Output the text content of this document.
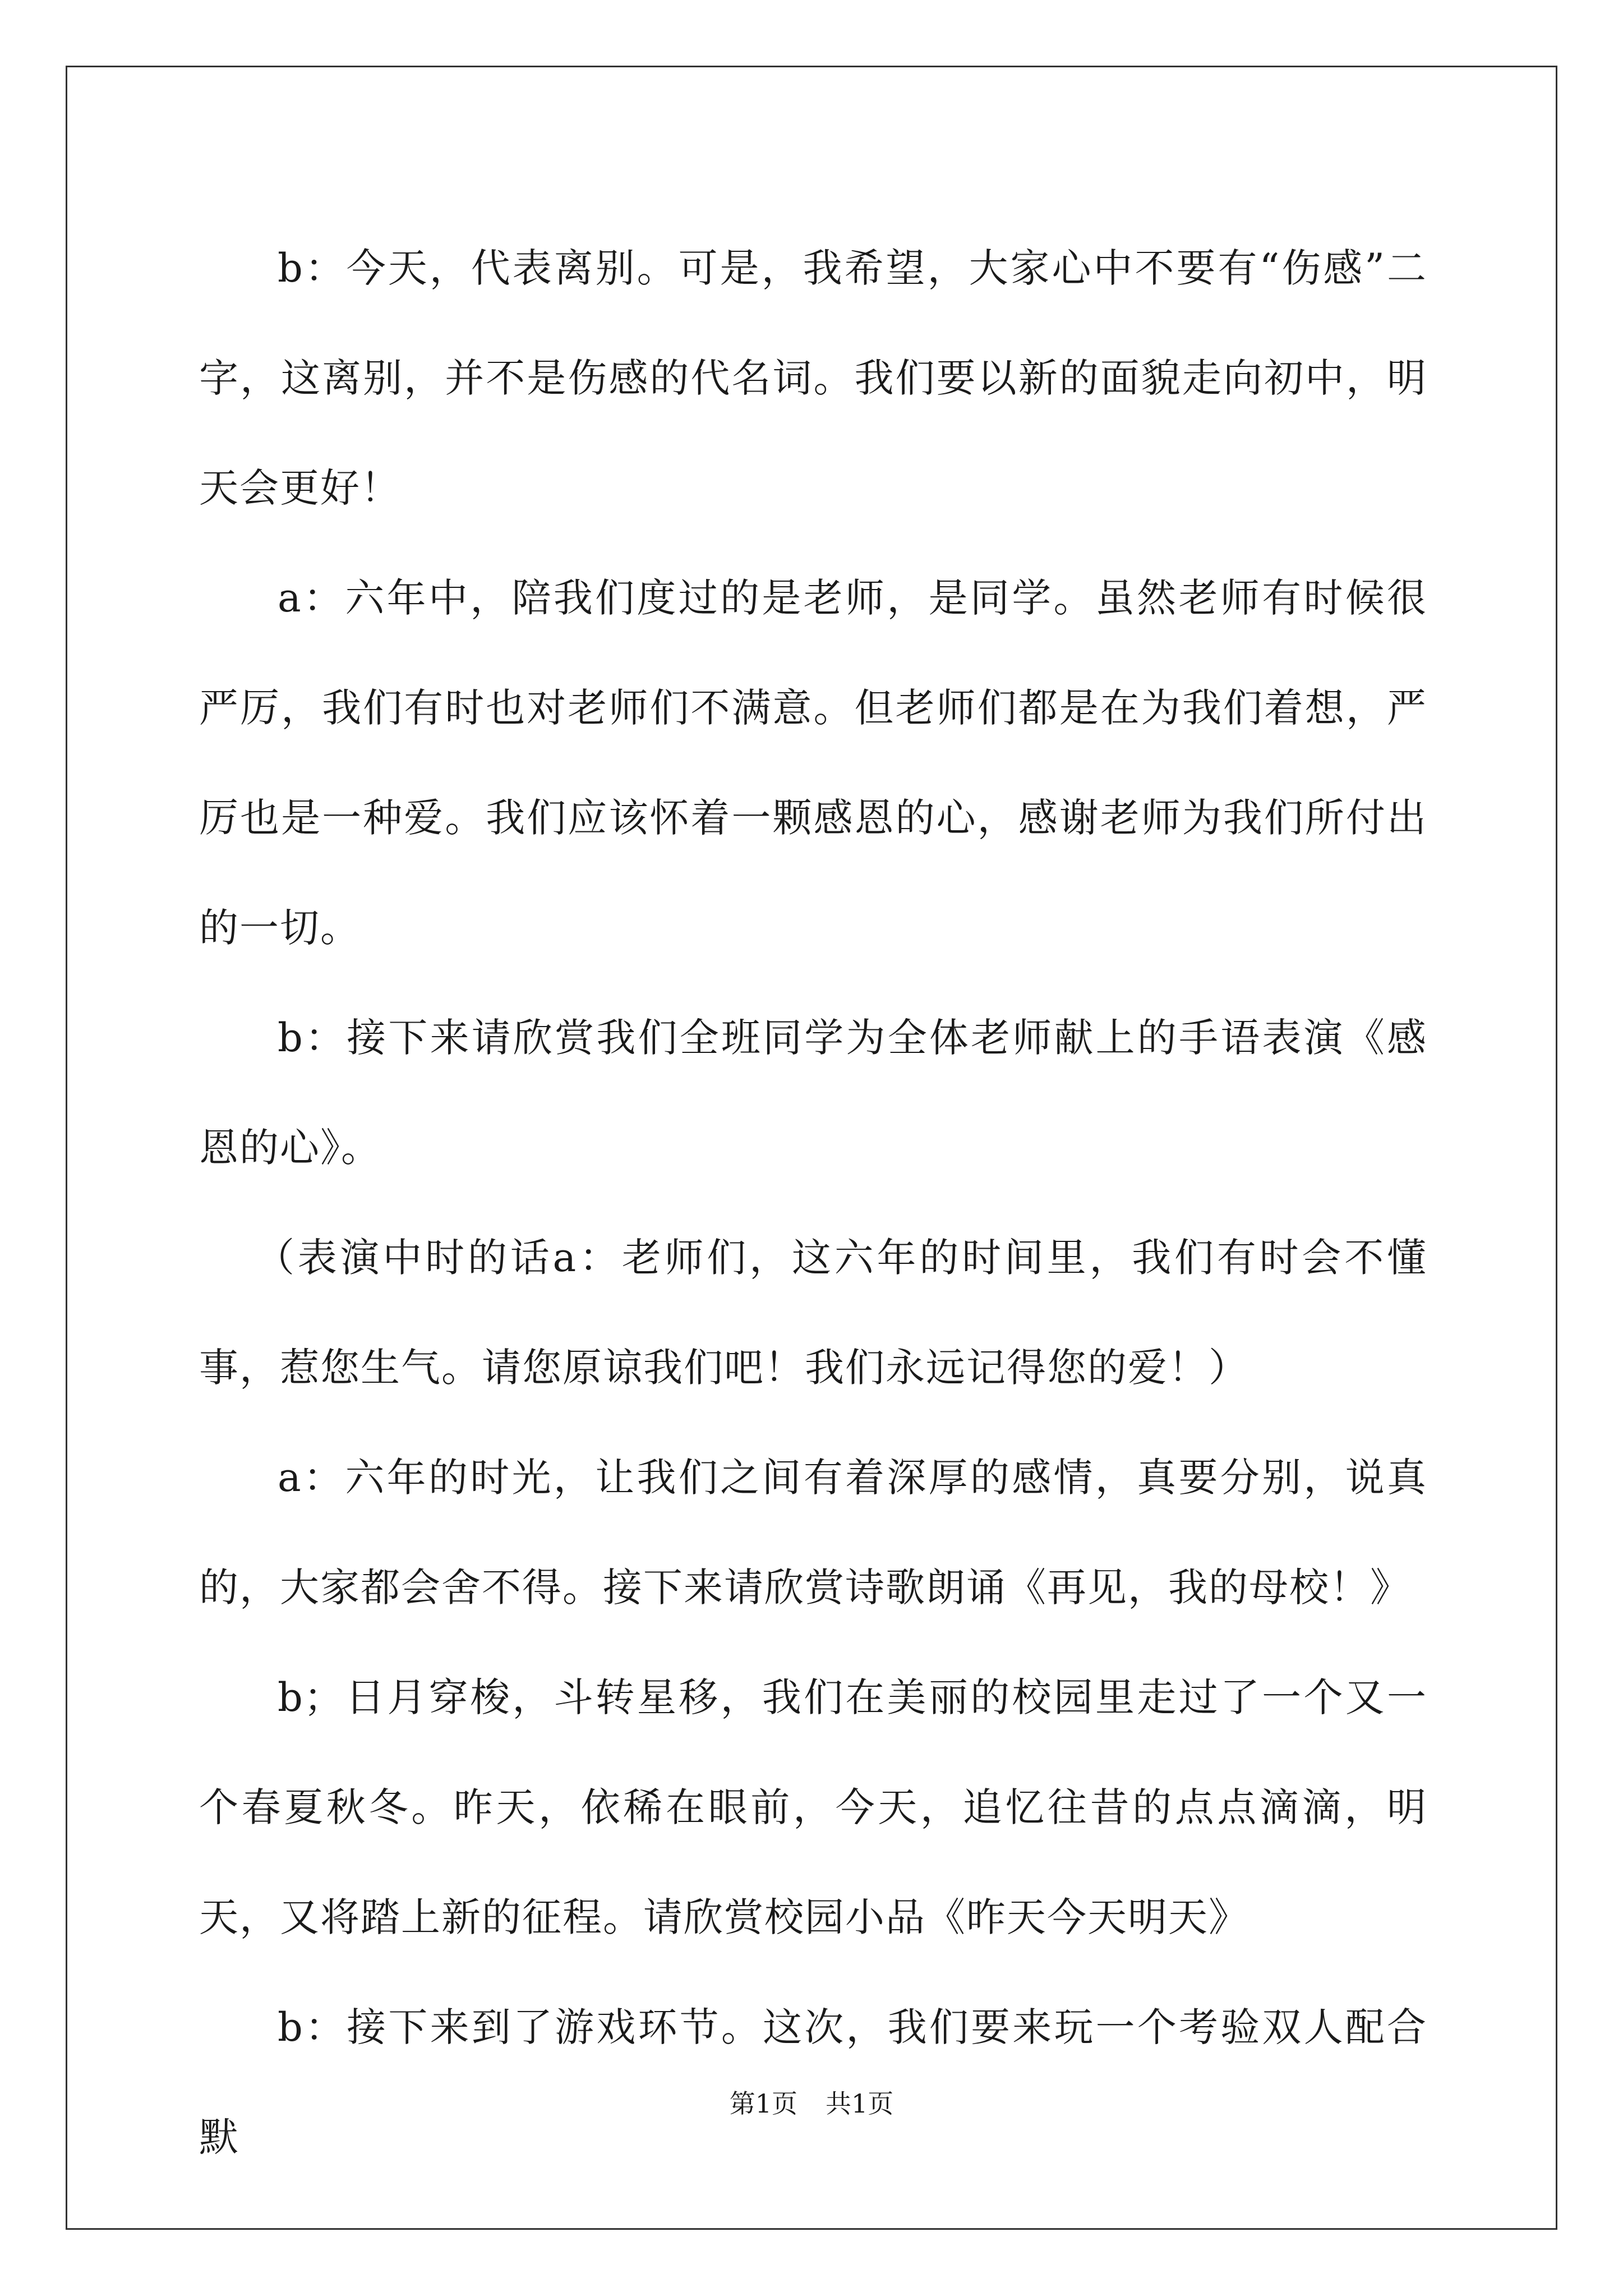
b：今天，代表离别。可是，我希望，大家心中不要有“伤感”二字，这离别，并不是伤感的代名词。我们要以新的面貌走向初中，明天会更好！

a：六年中，陪我们度过的是老师，是同学。虽然老师有时候很严厉，我们有时也对老师们不满意。但老师们都是在为我们着想，严厉也是一种爱。我们应该怀着一颗感恩的心，感谢老师为我们所付出的一切。

b：接下来请欣赏我们全班同学为全体老师献上的手语表演《感恩的心》。

（表演中时的话a：老师们，这六年的时间里，我们有时会不懂事，惹您生气。请您原谅我们吧！我们永远记得您的爱！）

a：六年的时光，让我们之间有着深厚的感情，真要分别，说真的，大家都会舍不得。接下来请欣赏诗歌朗诵《再见，我的母校！》

b；日月穿梭，斗转星移，我们在美丽的校园里走过了一个又一个春夏秋冬。昨天，依稀在眼前，今天，追忆往昔的点点滴滴，明天，又将踏上新的征程。请欣赏校园小品《昨天今天明天》

b：接下来到了游戏环节。这次，我们要来玩一个考验双人配合默

第1页 共1页
